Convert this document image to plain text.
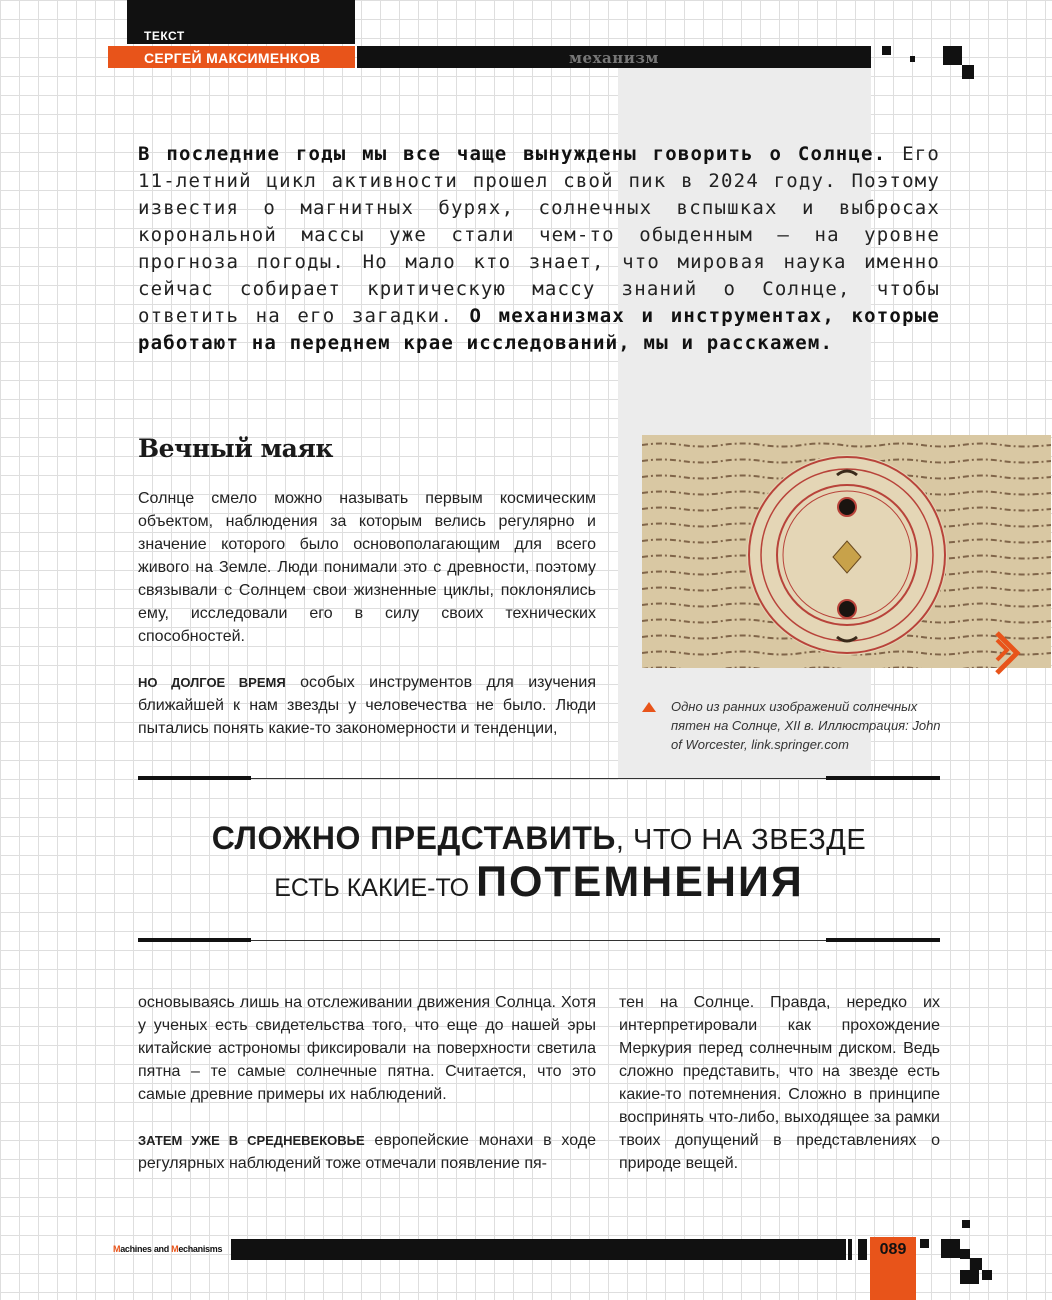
ТЕКСТ
СЕРГЕЙ МАКСИМЕНКОВ	механизм

В последние годы мы все чаще вынуждены говорить о Солнце. Его 11-летний цикл активности прошел свой пик в 2024 году. Поэтому известия о магнитных бурях, солнечных вспышках и выбросах корональной массы уже стали чем-то обыденным – на уровне прогноза погоды. Но мало кто знает, что мировая наука именно сейчас собирает критическую массу знаний о Солнце, чтобы ответить на его загадки. О механизмах и инструментах, которые работают на переднем крае исследований, мы и расскажем.

Вечный маяк

Солнце смело можно называть первым космическим объектом, наблюдения за которым велись регулярно и значение которого было основополагающим для всего живого на Земле. Люди понимали это с древности, поэтому связывали с Солнцем свои жизненные циклы, поклонялись ему, исследовали его в силу своих технических способностей.

НО ДОЛГОЕ ВРЕМЯ особых инструментов для изучения ближайшей к нам звезды у человечества не было. Люди пытались понять какие-то закономерности и тенденции,

Одно из ранних изображений солнечных пятен на Солнце, XII в. Иллюстрация: John of Worcester, link.springer.com
СЛОЖНО ПРЕДСТАВИТЬ, ЧТО НА ЗВЕЗДЕ
ЕСТЬ КАКИЕ-ТО ПОТЕМНЕНИЯ

основываясь лишь на отслеживании движения Солнца. Хотя у ученых есть свидетельства того, что еще до нашей эры китайские астрономы фиксировали на поверхности светила пятна – те самые солнечные пятна. Считается, что это самые древние примеры их наблюдений.

ЗАТЕМ УЖЕ В СРЕДНЕВЕКОВЬЕ европейские монахи в ходе регулярных наблюдений тоже отмечали появление пя-

тен на Солнце. Правда, нередко их интерпретировали как прохождение Меркурия перед солнечным диском. Ведь сложно представить, что на звезде есть какие-то потемнения. Сложно в принципе воспринять что-либо, выходящее за рамки твоих допущений в представлениях о природе вещей.

Machines and Mechanisms	089
